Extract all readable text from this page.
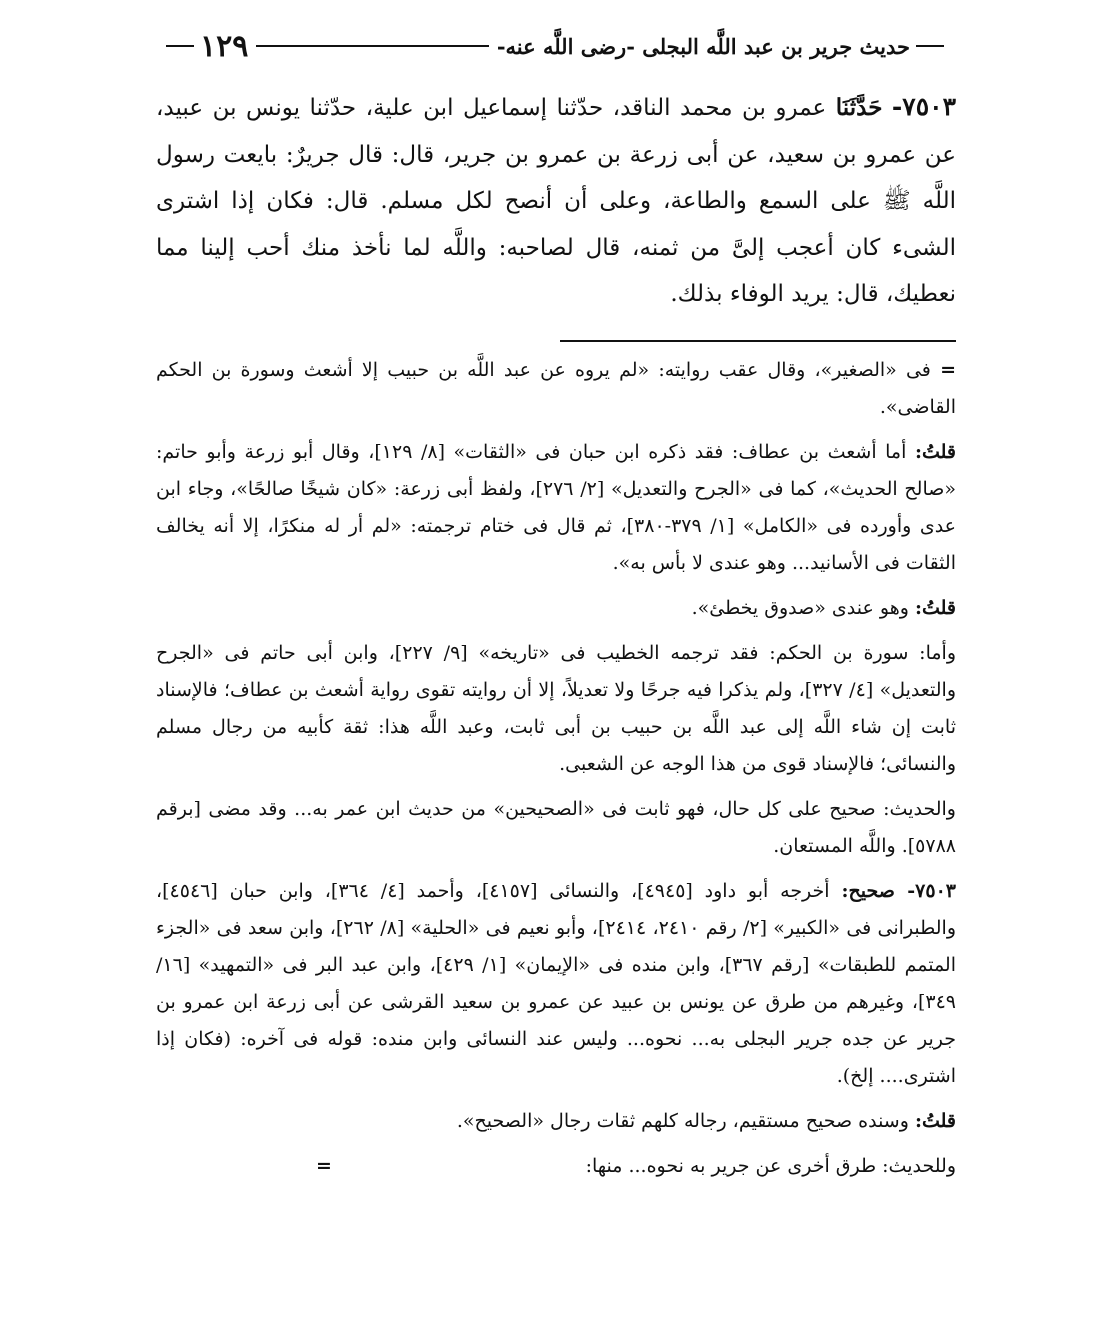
حديث جرير بن عبد اللَّه البجلى -رضى اللَّه عنه-
١٢٩
٧٥٠٣- حَدَّثَنَا عمرو بن محمد الناقد، حدّثنا إسماعيل ابن علية، حدّثنا يونس بن عبيد، عن عمرو بن سعيد، عن أبى زرعة بن عمرو بن جرير، قال: قال جريرٌ: بايعت رسول اللَّه ﷺ على السمع والطاعة، وعلى أن أنصح لكل مسلم. قال: فكان إذا اشترى الشىء كان أعجب إلىَّ من ثمنه، قال لصاحبه: واللَّه لما نأخذ منك أحب إلينا مما نعطيك، قال: يريد الوفاء بذلك.

= فى «الصغير»، وقال عقب روايته: «لم يروه عن عبد اللَّه بن حبيب إلا أشعث وسورة بن الحكم القاضى».

قلتُ: أما أشعث بن عطاف: فقد ذكره ابن حبان فى «الثقات» [٨/ ١٢٩]، وقال أبو زرعة وأبو حاتم: «صالح الحديث»، كما فى «الجرح والتعديل» [٢/ ٢٧٦]، ولفظ أبى زرعة: «كان شيخًا صالحًا»، وجاء ابن عدى وأورده فى «الكامل» [١/ ٣٧٩-٣٨٠]، ثم قال فى ختام ترجمته: «لم أر له منكرًا، إلا أنه يخالف الثقات فى الأسانيد... وهو عندى لا بأس به».

قلتُ: وهو عندى «صدوق يخطئ».

وأما: سورة بن الحكم: فقد ترجمه الخطيب فى «تاريخه» [٩/ ٢٢٧]، وابن أبى حاتم فى «الجرح والتعديل» [٤/ ٣٢٧]، ولم يذكرا فيه جرحًا ولا تعديلاً، إلا أن روايته تقوى رواية أشعث بن عطاف؛ فالإسناد ثابت إن شاء اللَّه إلى عبد اللَّه بن حبيب بن أبى ثابت، وعبد اللَّه هذا: ثقة كأبيه من رجال مسلم والنسائى؛ فالإسناد قوى من هذا الوجه عن الشعبى.

والحديث: صحيح على كل حال، فهو ثابت فى «الصحيحين» من حديث ابن عمر به... وقد مضى [برقم ٥٧٨٨]. واللَّه المستعان.

٧٥٠٣- صحيح: أخرجه أبو داود [٤٩٤٥]، والنسائى [٤١٥٧]، وأحمد [٤/ ٣٦٤]، وابن حبان [٤٥٤٦]، والطبرانى فى «الكبير» [٢/ رقم ٢٤١٠، ٢٤١٤]، وأبو نعيم فى «الحلية» [٨/ ٢٦٢]، وابن سعد فى «الجزء المتمم للطبقات» [رقم ٣٦٧]، وابن منده فى «الإيمان» [١/ ٤٢٩]، وابن عبد البر فى «التمهيد» [١٦/ ٣٤٩]، وغيرهم من طرق عن يونس بن عبيد عن عمرو بن سعيد القرشى عن أبى زرعة ابن عمرو بن جرير عن جده جرير البجلى به... نحوه... وليس عند النسائى وابن منده: قوله فى آخره: (فكان إذا اشترى.... إلخ).

قلتُ: وسنده صحيح مستقيم، رجاله كلهم ثقات رجال «الصحيح».

وللحديث: طرق أخرى عن جرير به نحوه... منها:
=
